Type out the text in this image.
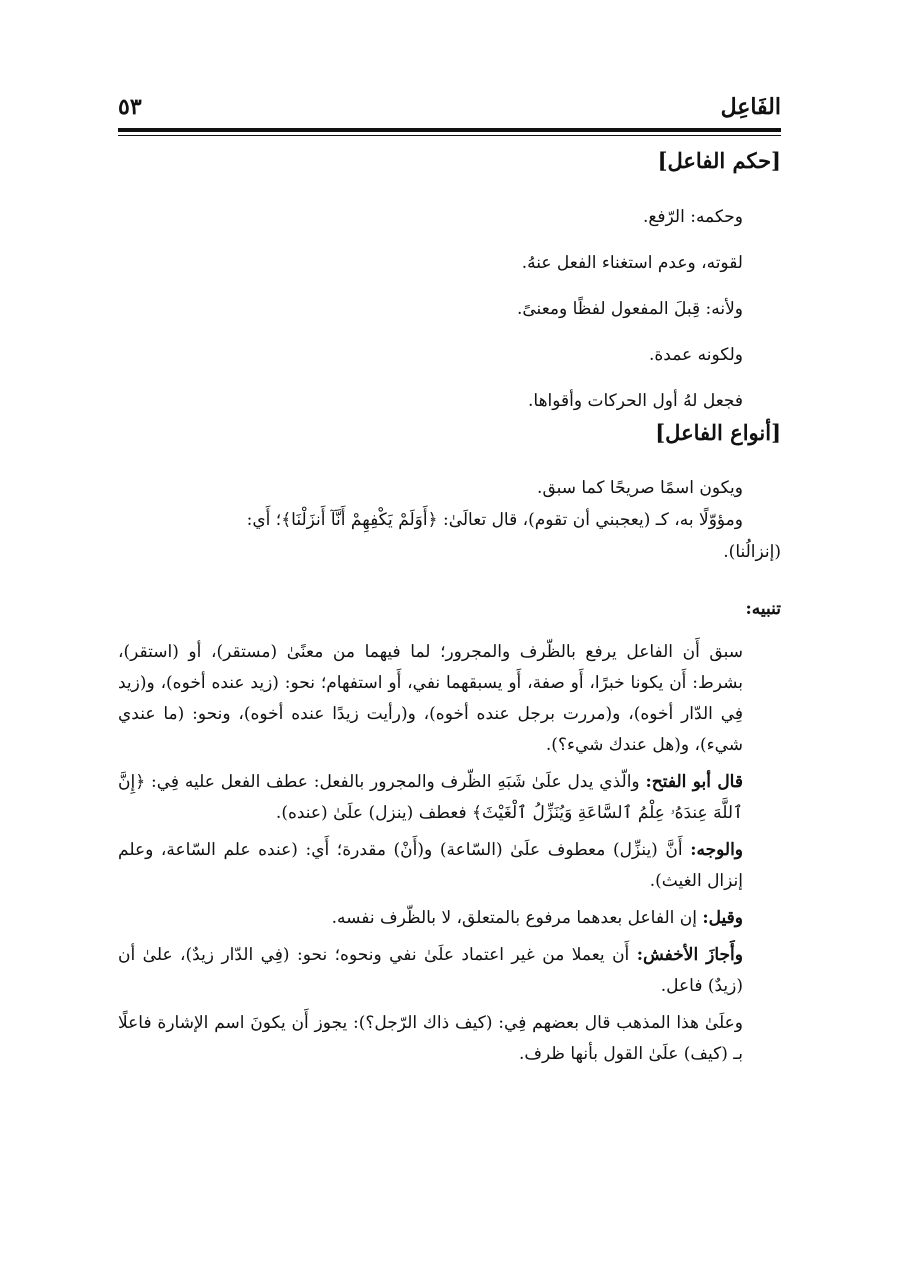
الفَاعِل
٥٣
[حكم الفاعل]

وحكمه: الرّفع.

لقوته، وعدم استغناء الفعل عنهُ.

ولأنه: قِبلَ المفعول لفظًا ومعنىً.

ولكونه عمدة.

فجعل لهُ أول الحركات وأقواها.

[أنواع الفاعل]

ويكون اسمًا صريحًا كما سبق.

ومؤوّلًا به، كـ (يعجبني أن تقوم)، قال تعالَىٰ: ﴿أَوَلَمْ يَكْفِهِمْ أَنَّآ أَنزَلْنَا﴾؛ أَي:

(إنزالُنا).

تنبيه:

سبق أَن الفاعل يرفع بالظّرف والمجرور؛ لما فيهما من معنًىٰ (مستقر)، أو (استقر)، بشرط: أَن يكونا خبرًا، أَو صفة، أَو يسبقهما نفي، أَو استفهام؛ نحو: (زيد عنده أخوه)، و(زيد فِي الدّار أخوه)، و(مررت برجل عنده أخوه)، و(رأيت زيدًا عنده أخوه)، ونحو: (ما عندي شيء)، و(هل عندك شيء؟).

قال أبو الفتح: والّذي يدل علَىٰ شَبَهِ الظّرف والمجرور بالفعل: عطف الفعل عليه فِي: ﴿إِنَّ ٱللَّهَ عِندَهُۥ عِلْمُ ٱلسَّاعَةِ وَيُنَزِّلُ ٱلْغَيْثَ﴾ فعطف (ينزل) علَىٰ (عنده).

والوجه: أَنَّ (ينزِّل) معطوف علَىٰ (السّاعة) و(أَنْ) مقدرة؛ أَي: (عنده علم السّاعة، وعلم إنزال الغيث).

وقيل: إن الفاعل بعدهما مرفوع بالمتعلق، لا بالظّرف نفسه.

وأَجازَ الأخفش: أَن يعملا من غير اعتماد علَىٰ نفي ونحوه؛ نحو: (فِي الدّار زيدٌ)، علىٰ أن (زيدٌ) فاعل.

وعلَىٰ هذا المذهب قال بعضهم فِي: (كيف ذاك الرّجل؟): يجوز أَن يكونَ اسم الإشارة فاعلًا بـ (كيف) علَىٰ القول بأنها ظرف.
